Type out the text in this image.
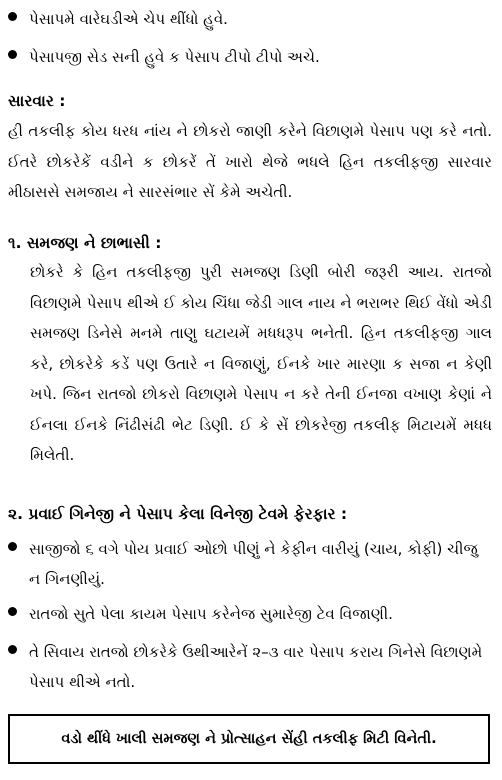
પેસાપમે વારેઘડીએ ચેપ થીંધો હુવે.
પેસાપજી સેડ સની હુવે ક પેસાપ ટીપો ટીપો અચે.
સારવાર :
હી તકલીફ કોય ધરધ નાંય ને છોકરો જાણી કરેને વિછાણમે પેસાપ પણ કરે નતો. ઈતરે છોકરેકેં વડીને ક છોકરેં તેં ખારો થેજે ભધલે હિન તકલીફજી સારવાર મીઠાસસે સમજાય ને સારસંભાર સેં કેમે અચેતી.
૧. સમજણ ને છાભાસી :
છોકરે કે હિન તકલીફજી પુરી સમજણ ડિણી બોરી જરૂરી આય. રાતજો વિછાણમે પેસાપ થીએ ઈ કોય ચિંધા જેડી ગાલ નાય ને ભરાભર થિઈ વેંધો એડી સમજણ ડિનેસે મનમે તાણુ ઘટાયમેં મધધરૂપ ભનેતી. હિન તકલીફજી ગાલ કરે, છોકરેકે કડેં પણ ઉતારે ન વિજાણું, ઈનકે ખાર મારણા ક સજા ન કેણી ખપે. જિન રાતજો છોકરો વિછાણમે પેસાપ ન કરે તેની ઈનજા વખાણ કેણાં ને ઈનલા ઈનકે નિંઢીસંઢી ભેટ ડિણી. ઈ કે સેં છોકરેજી તકલીફ મિટાયમેં મધધ મિલેતી.
૨. પ્રવાઈ ગિનેજી ને પેસાપ કેલા વિનેજી ટેવમે ફેરફાર :
સાજીજો ૬ વગે પોય પ્રવાઈ ઓછો પીણું ને કેફીન વારીયું (ચાય, કોફી) ચીજુ ન ગિનણીયું.
રાતજો સુતે પેલા કાયમ પેસાપ કરેનેજ સુમારેજી ટેવ વિજાણી.
તે સિવાય રાતજો છોકરેકે ઉથીઆરેનેં ૨–૩ વાર પેસાપ કરાય ગિનેસે વિછાણમે પેસાપ થીએ નતો.
વડો થીંધે ખાલી સમજણ ને પ્રોત્સાહન સેંહી તકલીફ મિટી વિનેતી.
